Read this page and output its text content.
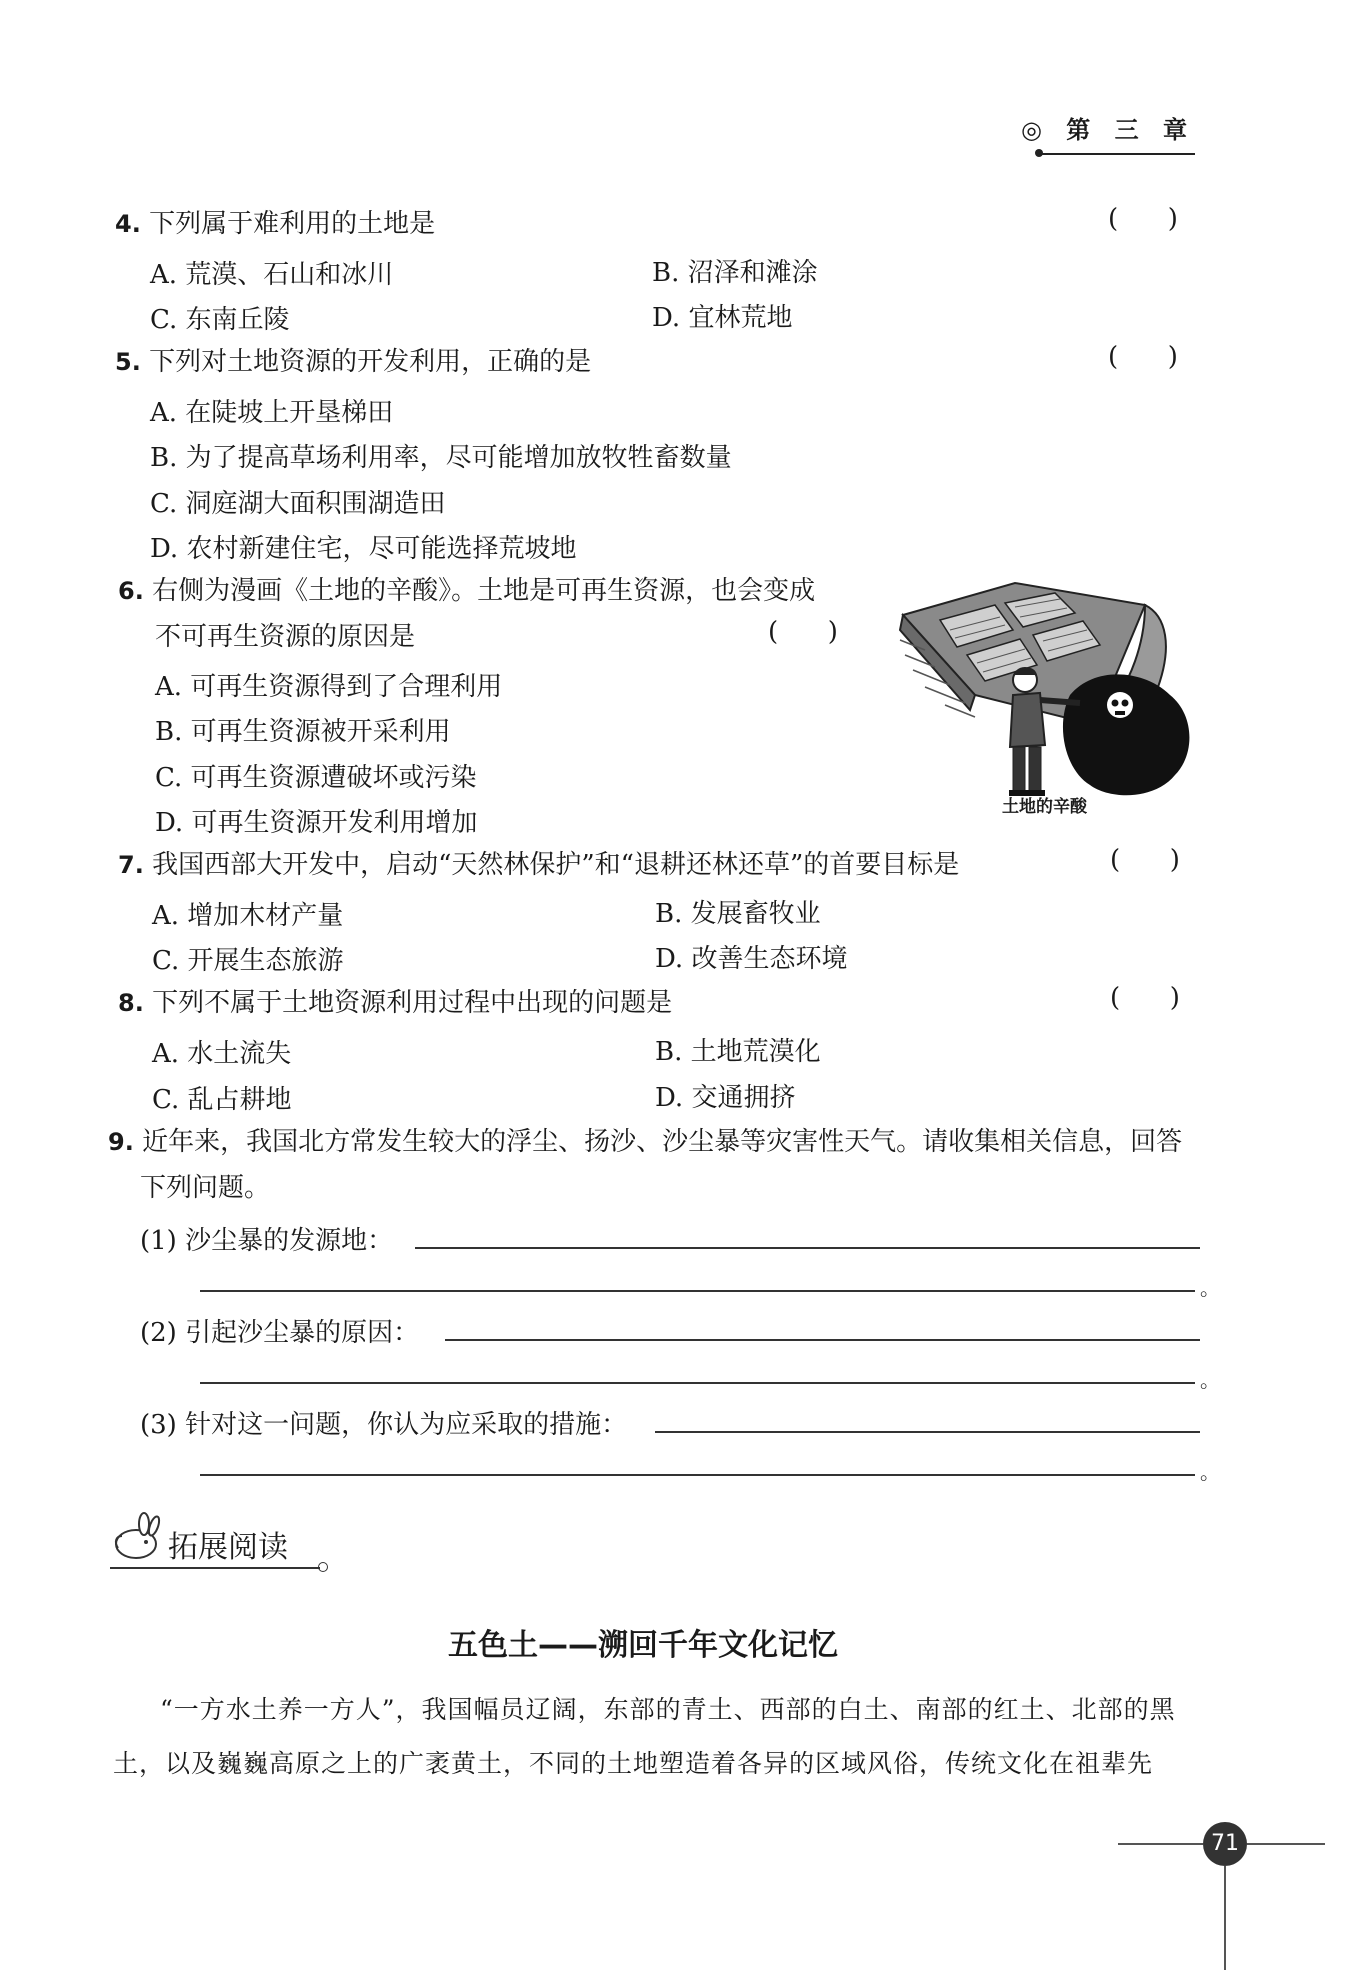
◎ 第 三 章
4. 下列属于难利用的土地是	(      )
A. 荒漠、石山和冰川	B. 沼泽和滩涂
C. 东南丘陵	D. 宜林荒地
5. 下列对土地资源的开发利用，正确的是	(      )
A. 在陡坡上开垦梯田
B. 为了提高草场利用率，尽可能增加放牧牲畜数量
C. 洞庭湖大面积围湖造田
D. 农村新建住宅，尽可能选择荒坡地
6. 右侧为漫画《土地的辛酸》。土地是可再生资源，也会变成
不可再生资源的原因是	(      )
A. 可再生资源得到了合理利用
B. 可再生资源被开采利用
C. 可再生资源遭破坏或污染
D. 可再生资源开发利用增加
土地的辛酸
7. 我国西部大开发中，启动“天然林保护”和“退耕还林还草”的首要目标是	(      )
A. 增加木材产量	B. 发展畜牧业
C. 开展生态旅游	D. 改善生态环境
8. 下列不属于土地资源利用过程中出现的问题是	(      )
A. 水土流失	B. 土地荒漠化
C. 乱占耕地	D. 交通拥挤
9. 近年来，我国北方常发生较大的浮尘、扬沙、沙尘暴等灾害性天气。请收集相关信息，回答
下列问题。
(1) 沙尘暴的发源地：
。
(2) 引起沙尘暴的原因：
。
(3) 针对这一问题，你认为应采取的措施：
。
拓展阅读
五色土——溯回千年文化记忆
“一方水土养一方人”，我国幅员辽阔，东部的青土、西部的白土、南部的红土、北部的黑
土，以及巍巍高原之上的广袤黄土，不同的土地塑造着各异的区域风俗，传统文化在祖辈先
71
